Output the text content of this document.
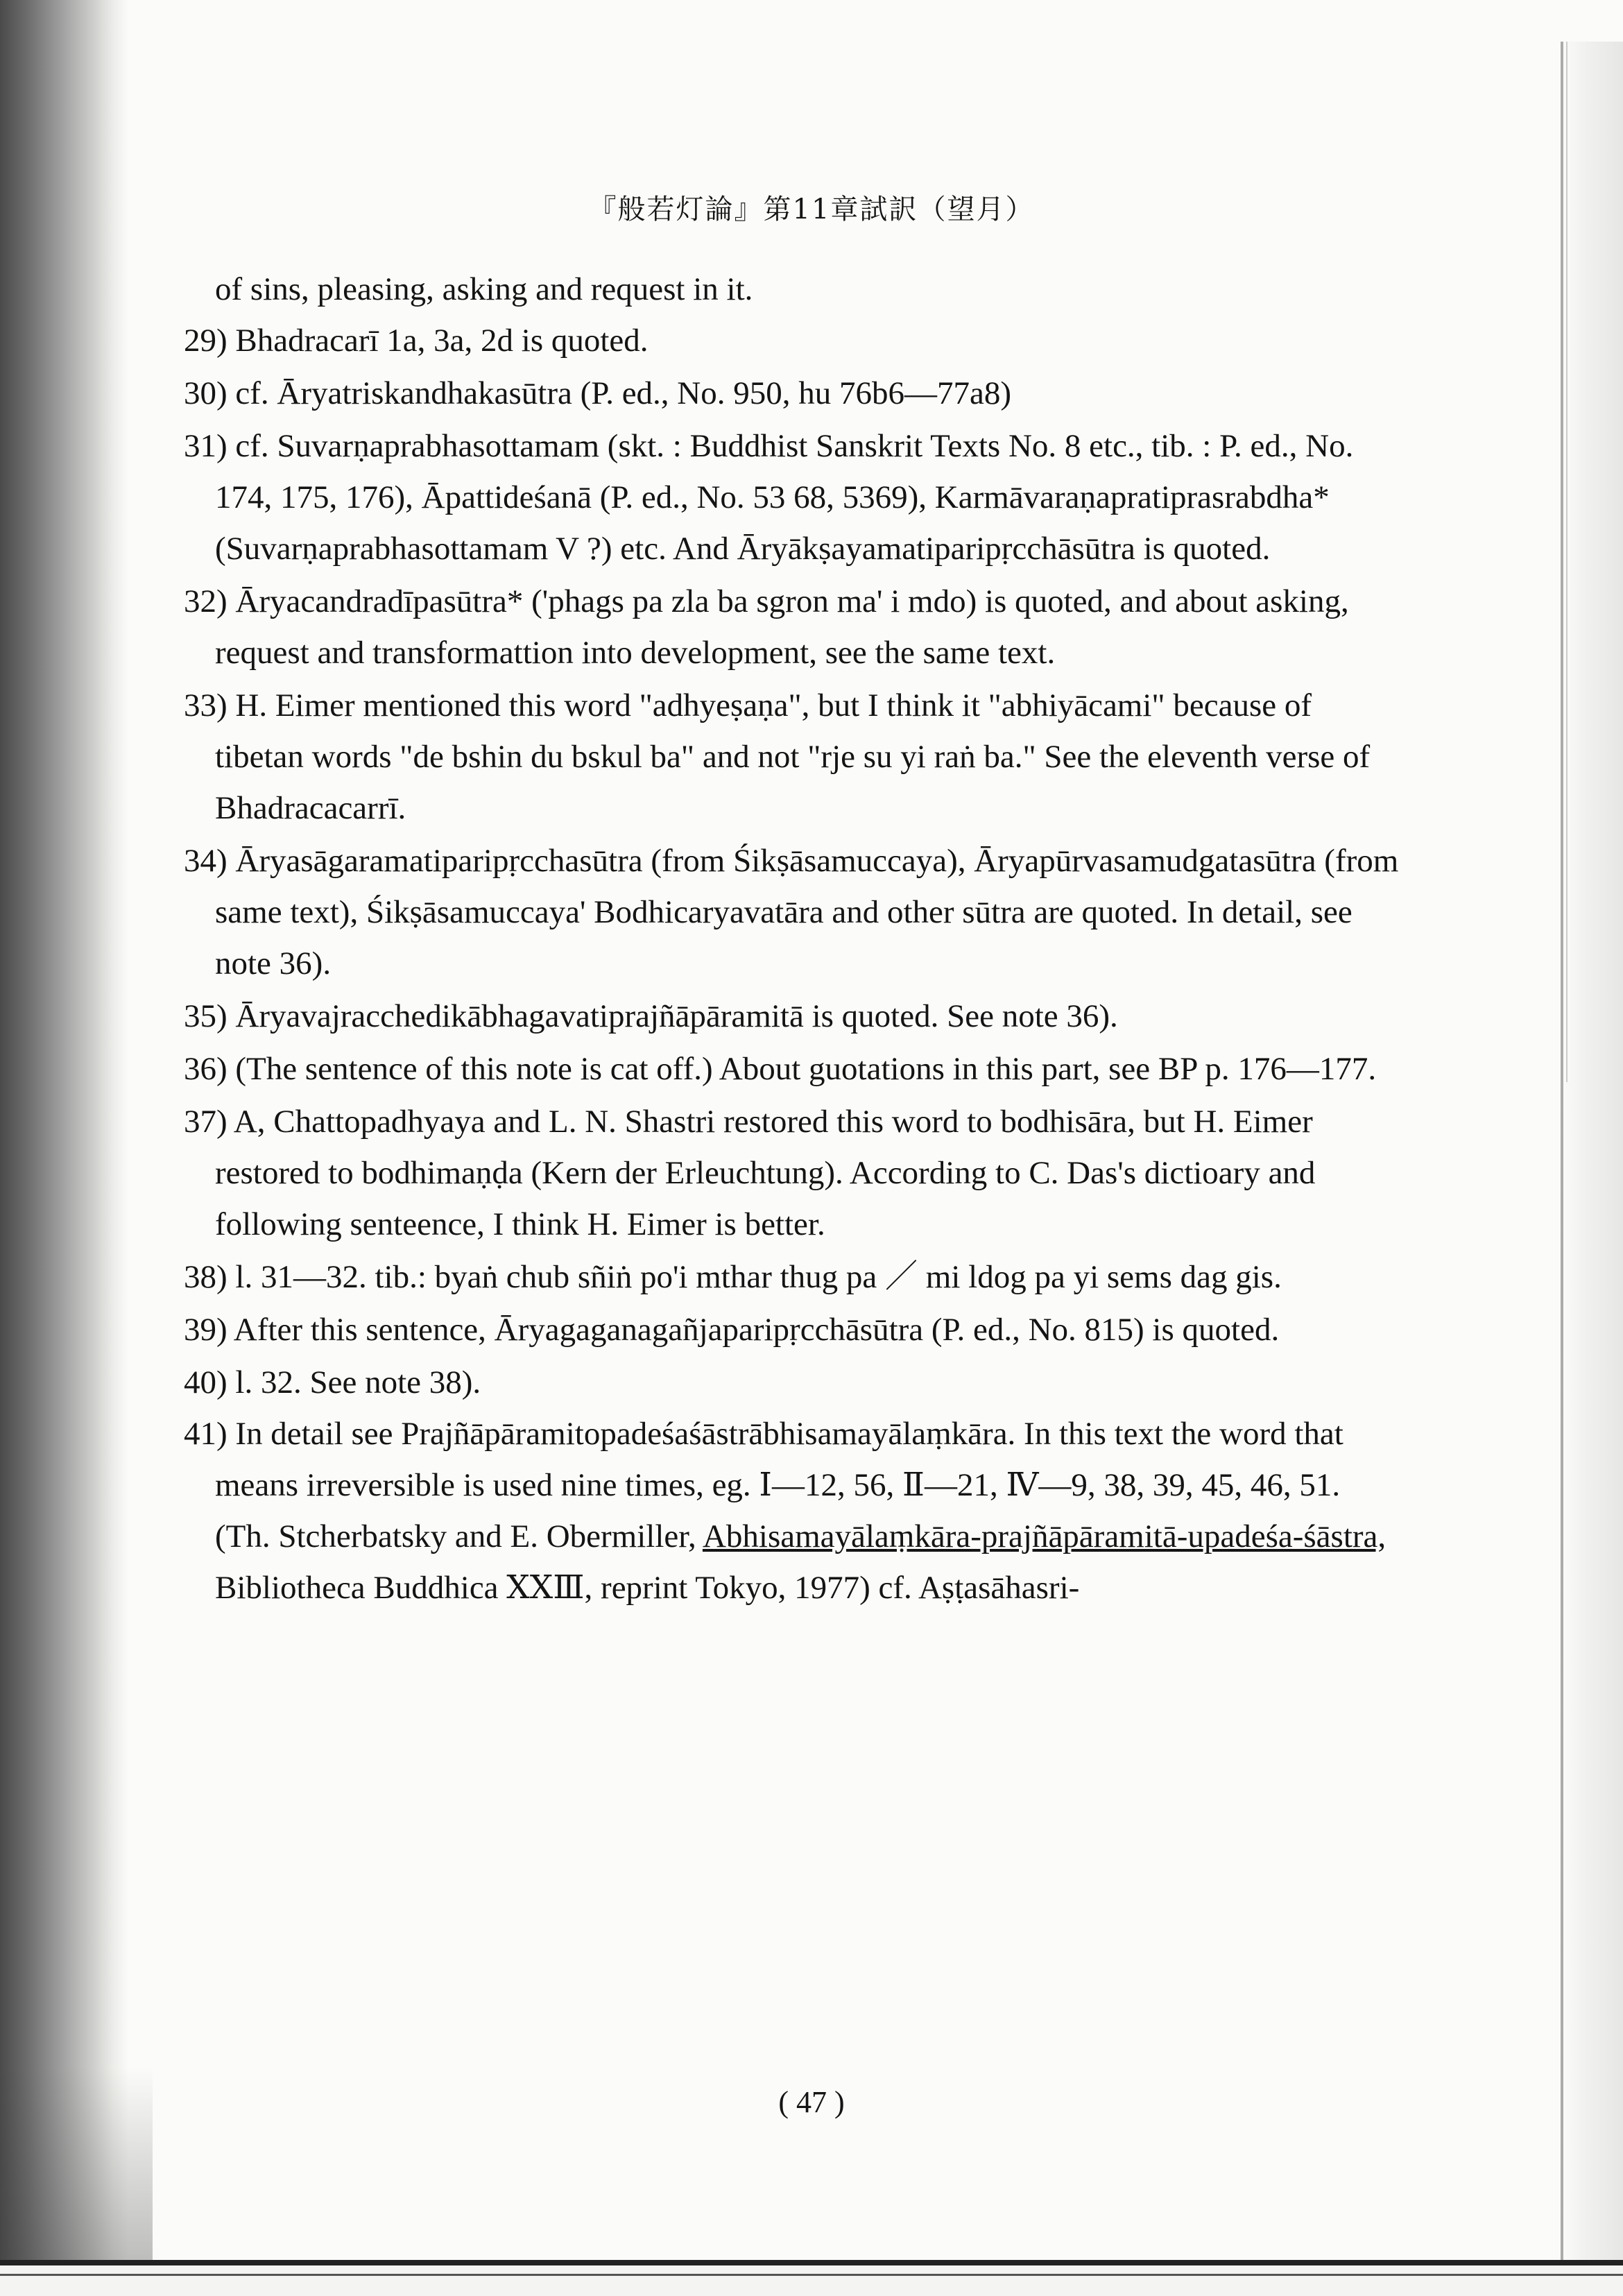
『般若灯論』第11章試訳（望月）

of sins, pleasing, asking and request in it.

29) Bhadracarī 1a, 3a, 2d is quoted.

30) cf. Āryatriskandhakasūtra (P. ed., No. 950, hu 76b6—77a8)

31) cf. Suvarṇaprabhasottamam (skt. : Buddhist Sanskrit Texts No. 8 etc., tib. : P. ed., No. 174, 175, 176), Āpattideśanā (P. ed., No. 53 68, 5369), Karmāvaraṇapratiprasrabdha* (Suvarṇaprabhasottamam V ?) etc. And Āryākṣayamatiparipṛcchāsūtra is quoted.

32) Āryacandradīpasūtra* ('phags pa zla ba sgron ma' i mdo) is quoted, and about asking, request and transformattion into development, see the same text.

33) H. Eimer mentioned this word "adhyeṣaṇa", but I think it "abhiyācami" because of tibetan words "de bshin du bskul ba" and not "rje su yi raṅ ba." See the eleventh verse of Bhadracacarrī.

34) Āryasāgaramatiparipṛcchasūtra (from Śikṣāsamuccaya), Āryapūrvasamudgatasūtra (from same text), Śikṣāsamuccaya' Bodhicaryavatāra and other sūtra are quoted. In detail, see note 36).

35) Āryavajracchedikābhagavatiprajñāpāramitā is quoted. See note 36).

36) (The sentence of this note is cat off.) About guotations in this part, see BP p. 176—177.

37) A, Chattopadhyaya and L. N. Shastri restored this word to bodhisāra, but H. Eimer restored to bodhimaṇḍa (Kern der Erleuchtung). According to C. Das's dictioary and following senteence, I think H. Eimer is better.

38) l. 31—32. tib.: byaṅ chub sñiṅ po'i mthar thug pa ／ mi ldog pa yi sems dag gis.

39) After this sentence, Āryagaganagañjaparipṛcchāsūtra (P. ed., No. 815) is quoted.

40) l. 32. See note 38).

41) In detail see Prajñāpāramitopadeśaśāstrābhisamayālaṃkāra. In this text the word that means irreversible is used nine times, eg. Ⅰ—12, 56, Ⅱ—21, Ⅳ—9, 38, 39, 45, 46, 51. (Th. Stcherbatsky and E. Obermiller, Abhisamayālaṃkāra-prajñāpāramitā-upadeśa-śāstra, Bibliotheca Buddhica ⅩⅩⅢ, reprint Tokyo, 1977) cf. Aṣṭasāhasri-

( 47 )
